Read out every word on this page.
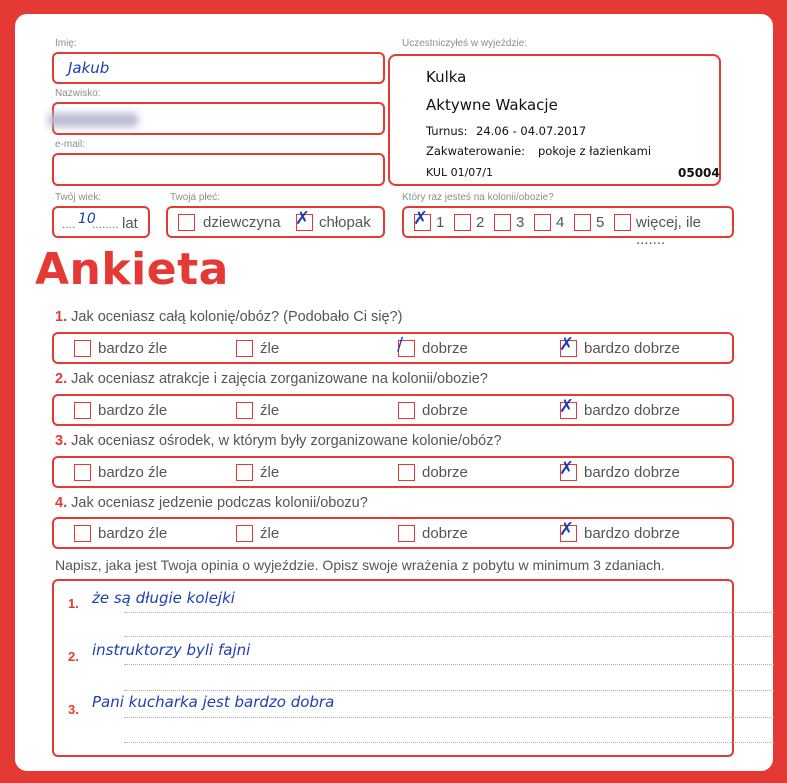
Imię:
Jakub
Nazwisko:
e-mail:
Twój wiek:
.... 10
........ lat
Twoja płeć:
dziewczyna ✗ chłopak
Uczestniczyłeś w wyjeździe:
Kulka
Aktywne Wakacje
Turnus: 24.06 - 04.07.2017
Zakwaterowanie: pokoje z łazienkami
KUL 01/07/1	05004
Który raz jesteś na kolonii/obozie?
✗ 1 2 3 4 5 więcej, ile .......
Ankieta
1. Jak oceniasz całą kolonię/obóz? (Podobało Ci się?)
bardzo źle	źle	∕ dobrze	✗ bardzo dobrze
2. Jak oceniasz atrakcje i zajęcia zorganizowane na kolonii/obozie?
bardzo źle	źle	dobrze	✗ bardzo dobrze
3. Jak oceniasz ośrodek, w którym były zorganizowane kolonie/obóz?
bardzo źle	źle	dobrze	✗ bardzo dobrze
4. Jak oceniasz jedzenie podczas kolonii/obozu?
bardzo źle	źle	dobrze	✗ bardzo dobrze
Napisz, jaka jest Twoja opinia o wyjeździe. Opisz swoje wrażenia z pobytu w minimum 3 zdaniach.
1. że są długie kolejki
2. instruktorzy byli fajni
3. Pani kucharka jest bardzo dobra
